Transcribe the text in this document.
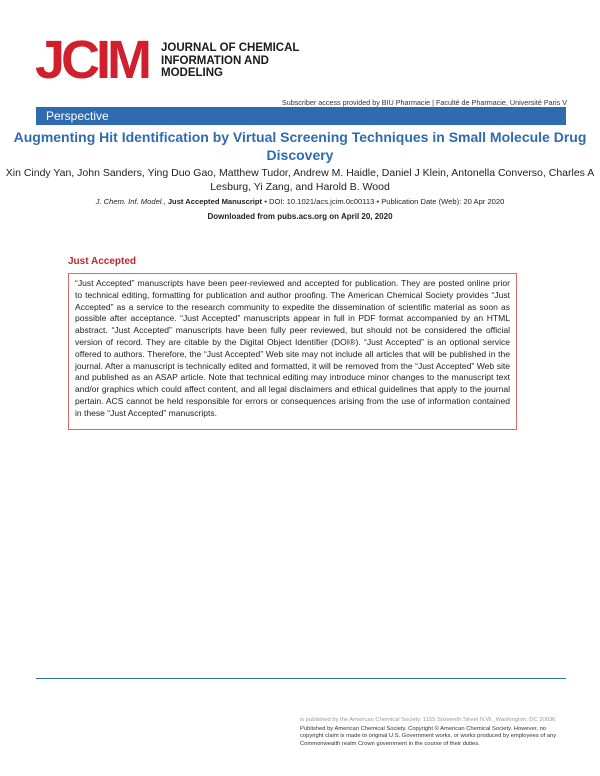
JCIM JOURNAL OF CHEMICAL INFORMATION AND MODELING
Subscriber access provided by BIU Pharmacie | Faculté de Pharmacie, Université Paris V
Perspective
Augmenting Hit Identification by Virtual Screening Techniques in Small Molecule Drug Discovery
Xin Cindy Yan, John Sanders, Ying Duo Gao, Matthew Tudor, Andrew M. Haidle, Daniel J Klein, Antonella Converso, Charles A Lesburg, Yi Zang, and Harold B. Wood
J. Chem. Inf. Model., Just Accepted Manuscript • DOI: 10.1021/acs.jcim.0c00113 • Publication Date (Web): 20 Apr 2020
Downloaded from pubs.acs.org on April 20, 2020
Just Accepted
“Just Accepted” manuscripts have been peer-reviewed and accepted for publication. They are posted online prior to technical editing, formatting for publication and author proofing. The American Chemical Society provides “Just Accepted” as a service to the research community to expedite the dissemination of scientific material as soon as possible after acceptance. “Just Accepted” manuscripts appear in full in PDF format accompanied by an HTML abstract. “Just Accepted” manuscripts have been fully peer reviewed, but should not be considered the official version of record. They are citable by the Digital Object Identifier (DOI®). “Just Accepted” is an optional service offered to authors. Therefore, the “Just Accepted” Web site may not include all articles that will be published in the journal. After a manuscript is technically edited and formatted, it will be removed from the “Just Accepted” Web site and published as an ASAP article. Note that technical editing may introduce minor changes to the manuscript text and/or graphics which could affect content, and all legal disclaimers and ethical guidelines that apply to the journal pertain. ACS cannot be held responsible for errors or consequences arising from the use of information contained in these “Just Accepted” manuscripts.
is published by the American Chemical Society. 1155 Sixteenth Street N.W., Washington, DC 20036
Published by American Chemical Society. Copyright © American Chemical Society. However, no copyright claim is made to original U.S. Government works, or works produced by employees of any Commonwealth realm Crown government in the course of their duties.
